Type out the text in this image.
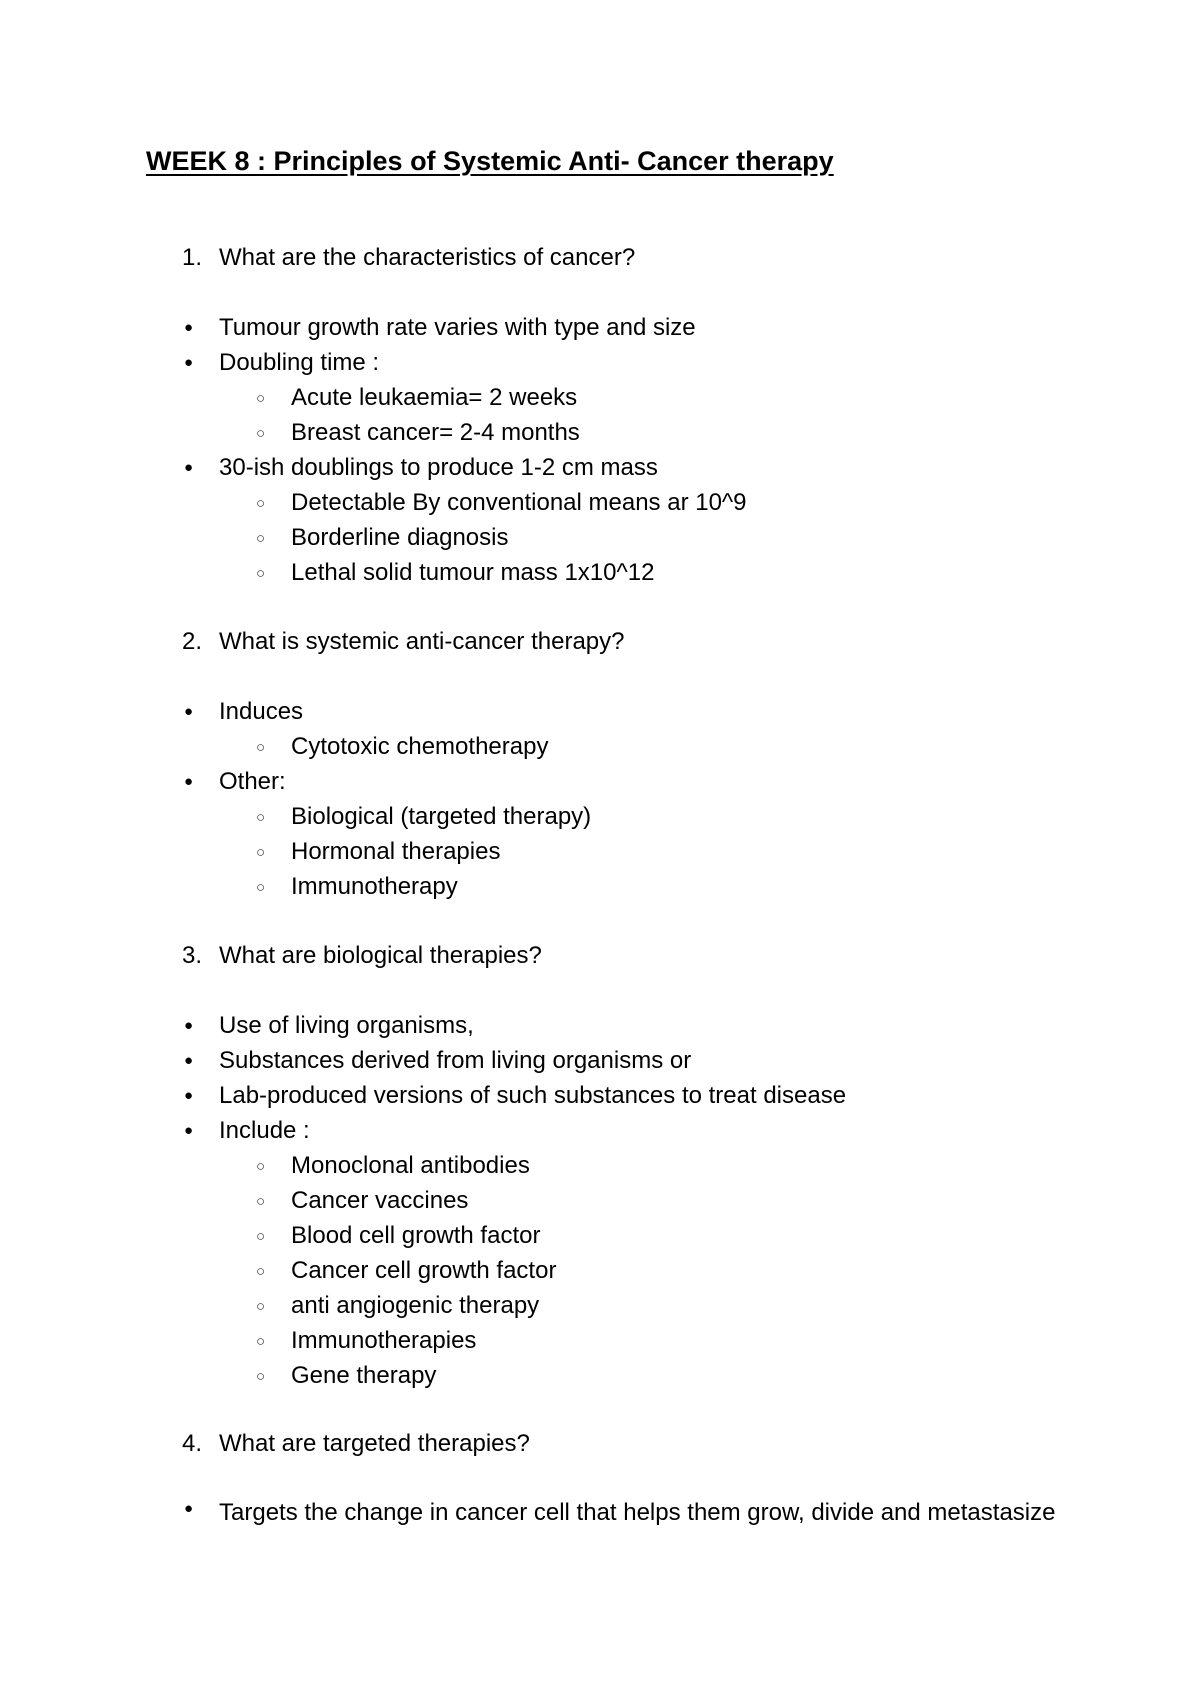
WEEK 8 : Principles of Systemic Anti- Cancer therapy
1. What are the characteristics of cancer?
● Tumour growth rate varies with type and size
● Doubling time :
○ Acute leukaemia= 2 weeks
○ Breast cancer= 2-4 months
● 30-ish doublings to produce 1-2 cm mass
○ Detectable By conventional means ar 10^9
○ Borderline diagnosis
○ Lethal solid tumour mass 1x10^12
2. What is systemic anti-cancer therapy?
● Induces
○ Cytotoxic chemotherapy
● Other:
○ Biological (targeted therapy)
○ Hormonal therapies
○ Immunotherapy
3. What are biological therapies?
● Use of living organisms,
● Substances derived from living organisms or
● Lab-produced versions of such substances to treat disease
● Include :
○ Monoclonal antibodies
○ Cancer vaccines
○ Blood cell growth factor
○ Cancer cell growth factor
○ anti angiogenic therapy
○ Immunotherapies
○ Gene therapy
4. What are targeted therapies?
● Targets the change in cancer cell that helps them grow, divide and metastasize
